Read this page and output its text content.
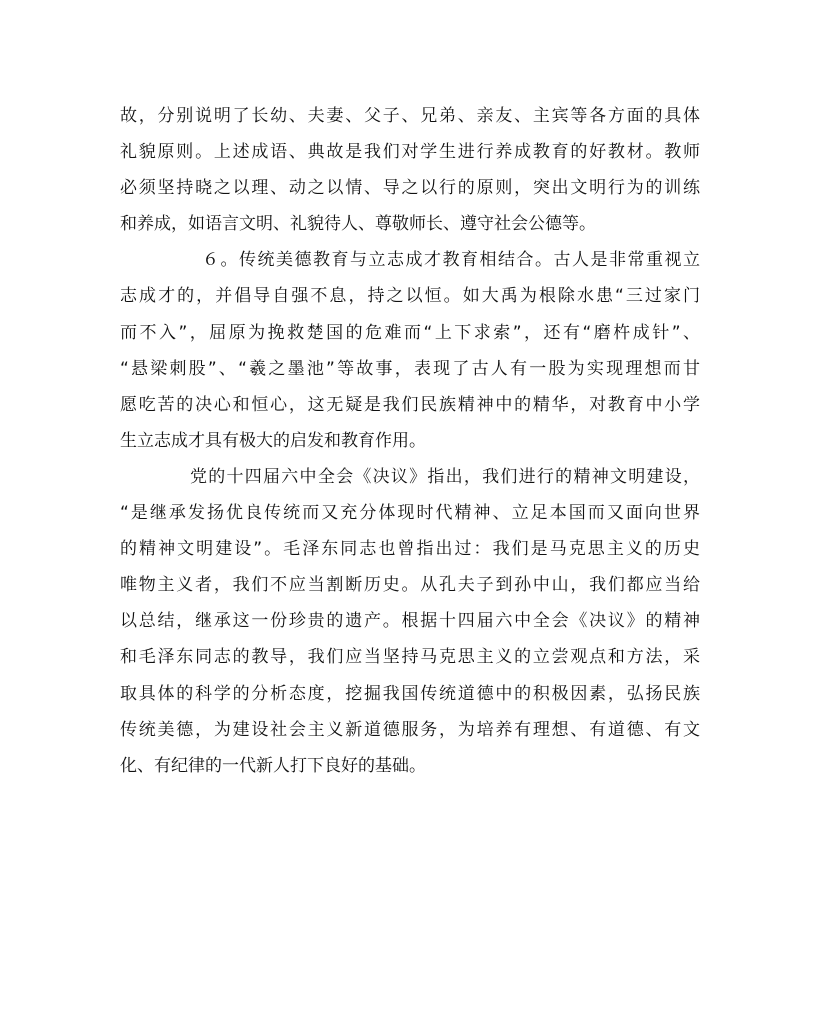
故，分别说明了长幼、夫妻、父子、兄弟、亲友、主宾等各方面的具体
礼貌原则。上述成语、典故是我们对学生进行养成教育的好教材。教师
必须坚持晓之以理、动之以情、导之以行的原则，突出文明行为的训练
和养成，如语言文明、礼貌待人、尊敬师长、遵守社会公德等。
６。传统美德教育与立志成才教育相结合。古人是非常重视立
志成才的，并倡导自强不息，持之以恒。如大禹为根除水患“三过家门
而不入”，屈原为挽救楚国的危难而“上下求索”，还有“磨杵成针”、
“悬梁刺股”、“羲之墨池”等故事，表现了古人有一股为实现理想而甘
愿吃苦的决心和恒心，这无疑是我们民族精神中的精华，对教育中小学
生立志成才具有极大的启发和教育作用。
党的十四届六中全会《决议》指出，我们进行的精神文明建设，
“是继承发扬优良传统而又充分体现时代精神、立足本国而又面向世界
的精神文明建设”。毛泽东同志也曾指出过：我们是马克思主义的历史
唯物主义者，我们不应当割断历史。从孔夫子到孙中山，我们都应当给
以总结，继承这一份珍贵的遗产。根据十四届六中全会《决议》的精神
和毛泽东同志的教导，我们应当坚持马克思主义的立尝观点和方法，采
取具体的科学的分析态度，挖掘我国传统道德中的积极因素，弘扬民族
传统美德，为建设社会主义新道德服务，为培养有理想、有道德、有文
化、有纪律的一代新人打下良好的基础。
